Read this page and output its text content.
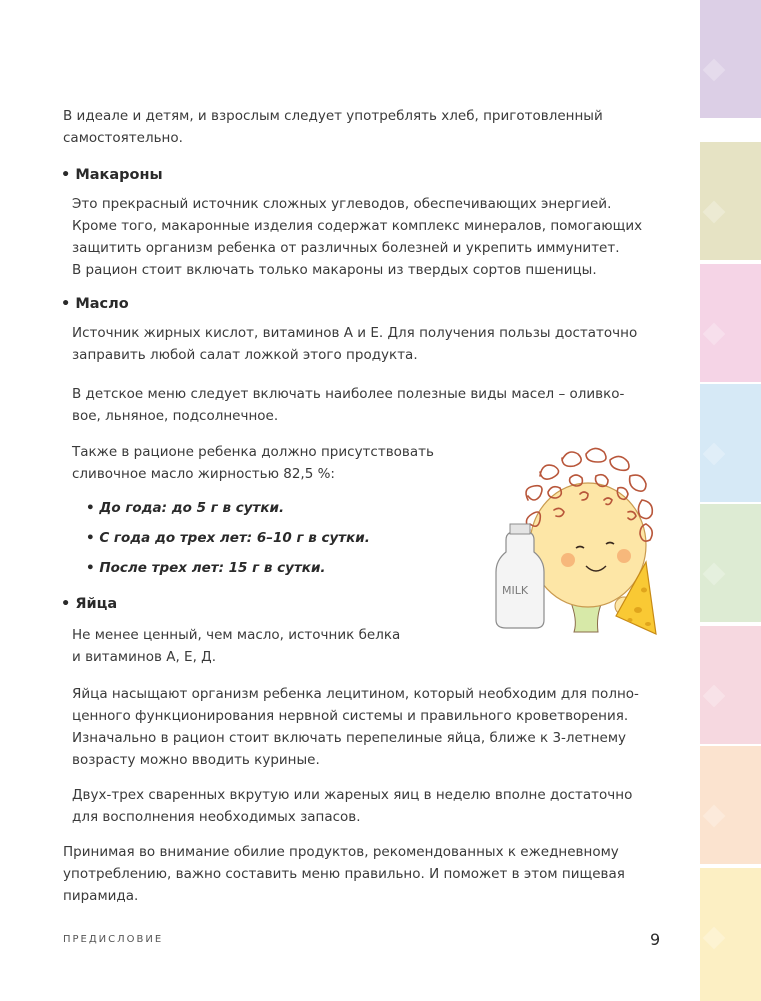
В идеале и детям, и взрослым следует употреблять хлеб, приготовленный

самостоятельно.

• Макароны

Это прекрасный источник сложных углеводов, обеспечивающих энергией.

Кроме того, макаронные изделия содержат комплекс минералов, помогающих

защитить организм ребенка от различных болезней и укрепить иммунитет.

В рацион стоит включать только макароны из твердых сортов пшеницы.

• Масло

Источник жирных кислот, витаминов А и Е. Для получения пользы достаточно

заправить любой салат ложкой этого продукта.

В детское меню следует включать наиболее полезные виды масел – оливко-

вое, льняное, подсолнечное.

Также в рационе ребенка должно присутствовать

сливочное масло жирностью 82,5 %:

• До года: до 5 г в сутки.

• С года до трех лет: 6–10 г в сутки.

• После трех лет: 15 г в сутки.

• Яйца

Не менее ценный, чем масло, источник белка

и витаминов А, Е, Д.

Яйца насыщают организм ребенка лецитином, который необходим для полно-

ценного функционирования нервной системы и правильного кроветворения.

Изначально в рацион стоит включать перепелиные яйца, ближе к 3-летнему

возрасту можно вводить куриные.

Двух-трех сваренных вкрутую или жареных яиц в неделю вполне достаточно

для восполнения необходимых запасов.

Принимая во внимание обилие продуктов, рекомендованных к ежедневному

употреблению, важно составить меню правильно. И поможет в этом пищевая

пирамида.

MILK
ПРЕДИСЛОВИЕ	9
